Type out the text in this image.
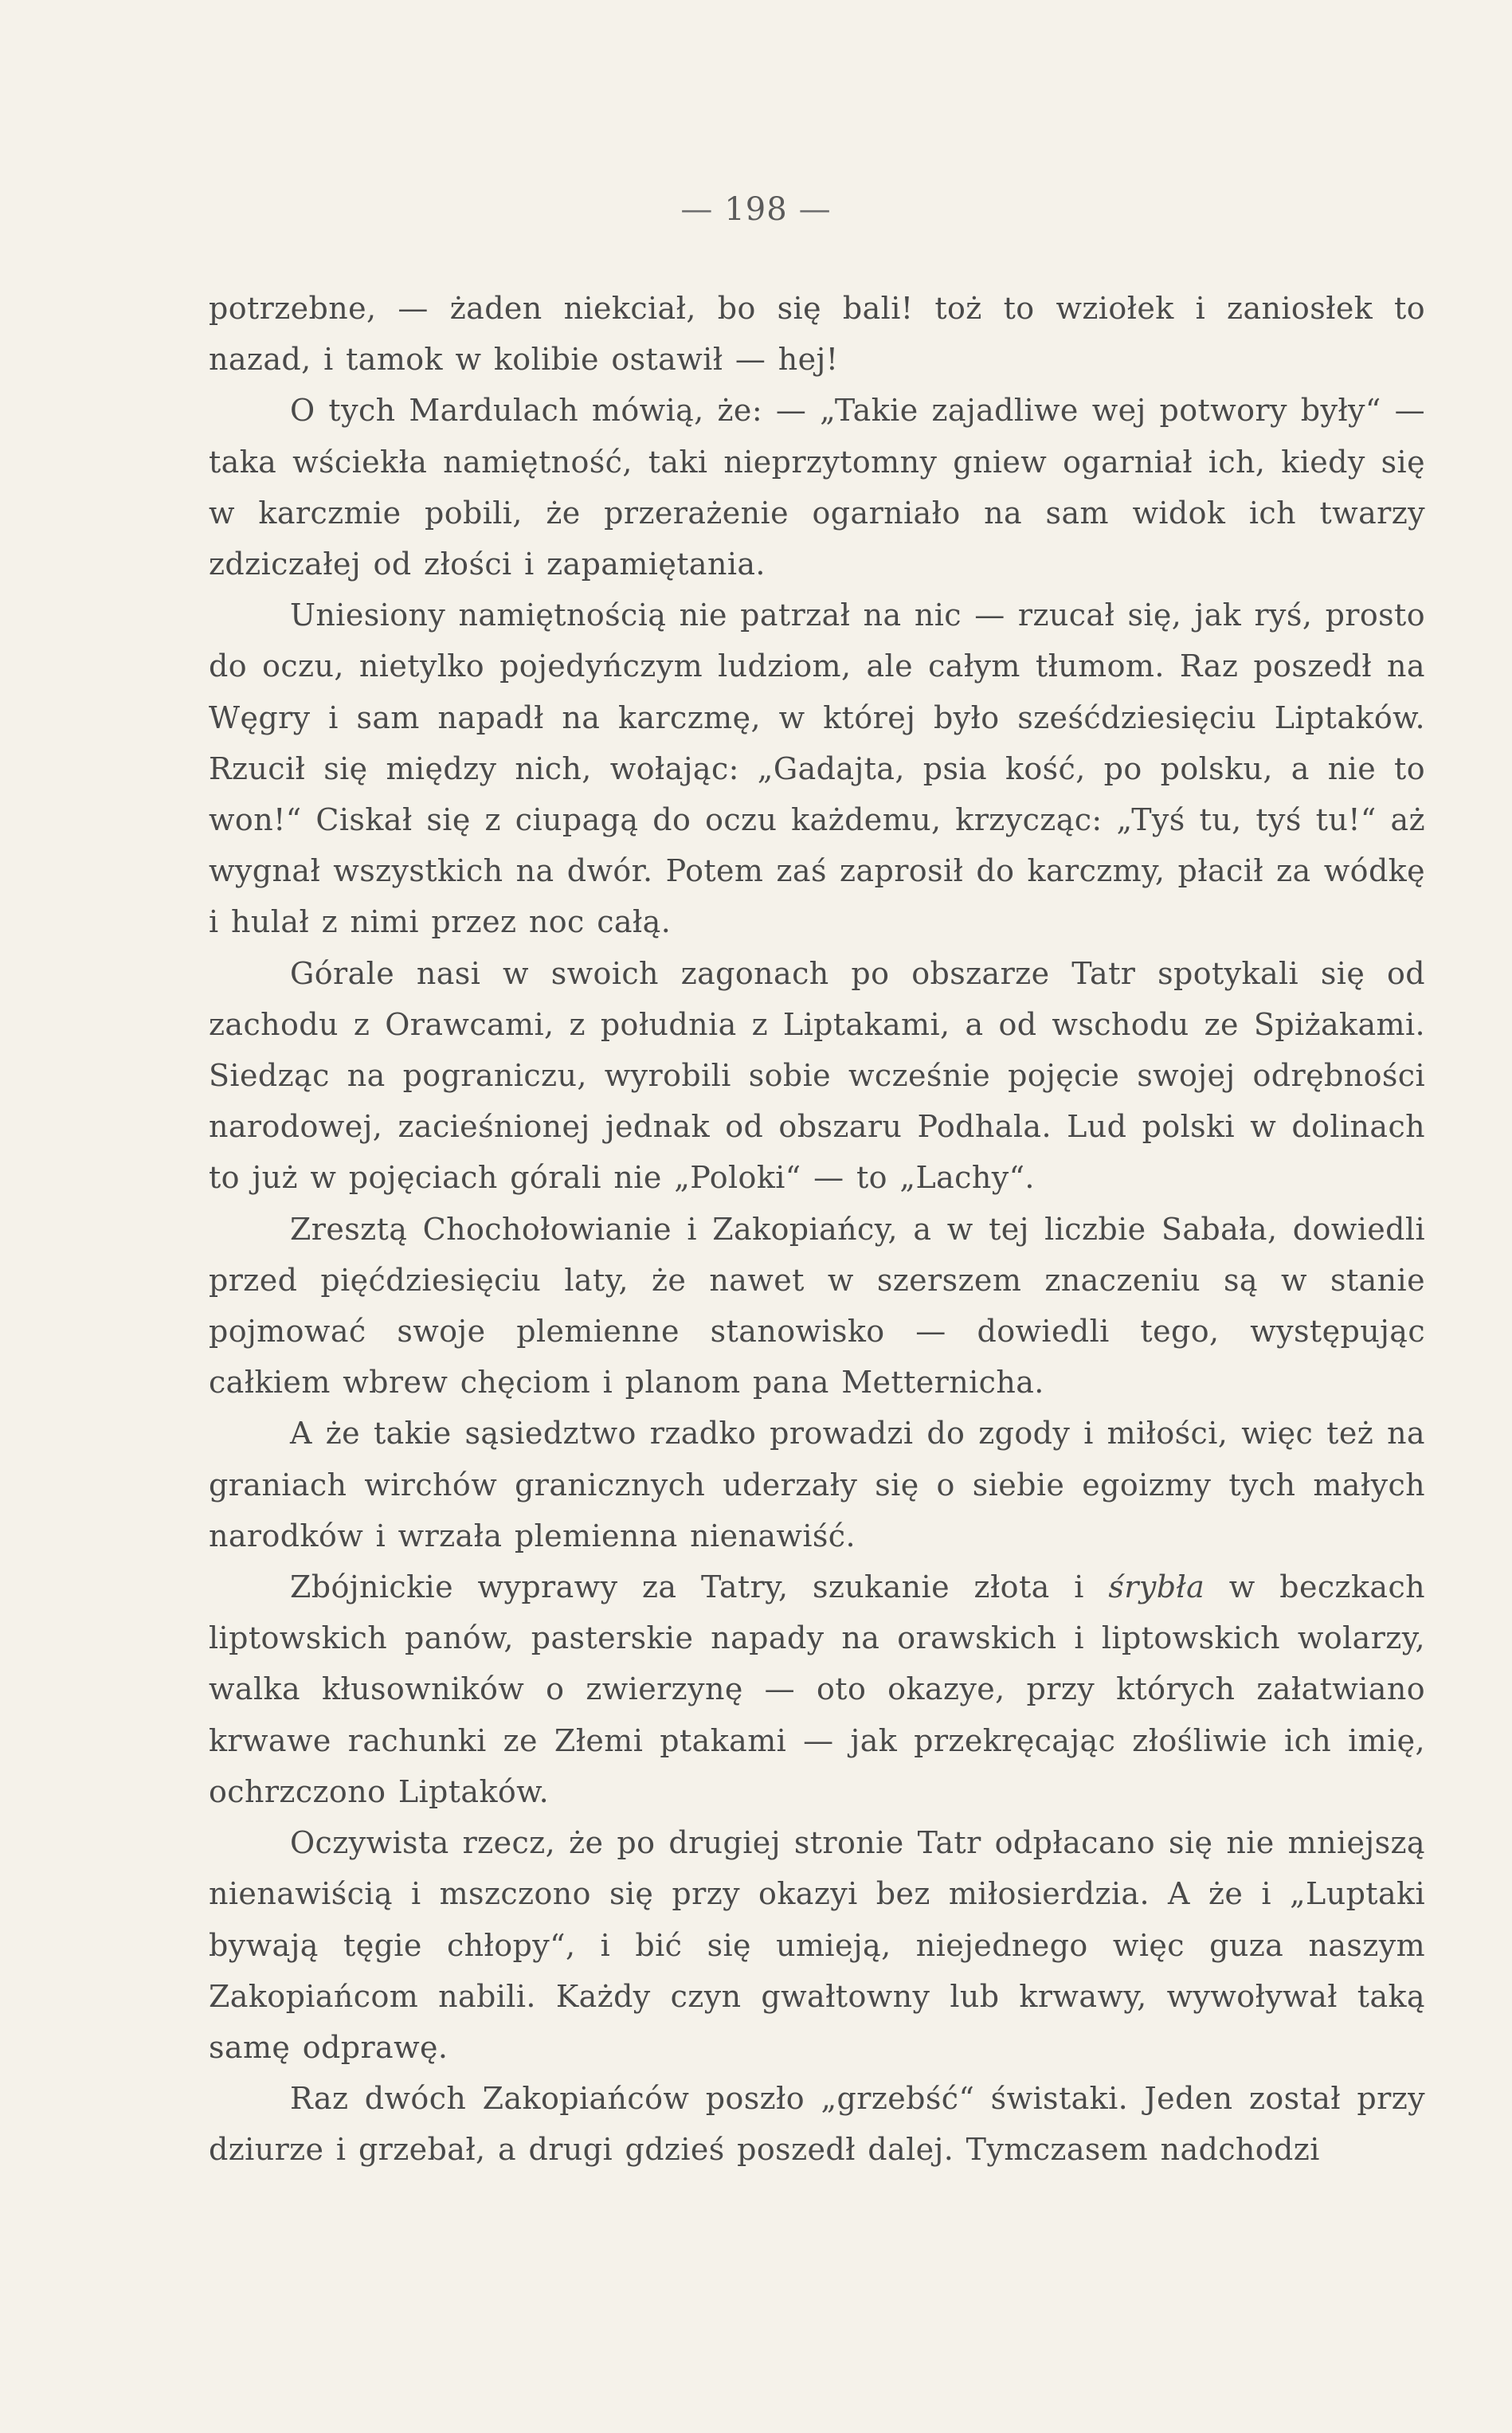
— 198 —

potrzebne, — żaden niekciał, bo się bali! toż to wziołek i zaniosłek to nazad, i tamok w kolibie ostawił — hej!

O tych Mardulach mówią, że: — „Takie zajadliwe wej potwory były“ — taka wściekła namiętność, taki nieprzytomny gniew ogarniał ich, kiedy się w karczmie pobili, że przerażenie ogarniało na sam widok ich twarzy zdziczałej od złości i zapamiętania.

Uniesiony namiętnością nie patrzał na nic — rzucał się, jak ryś, prosto do oczu, nietylko pojedyńczym ludziom, ale całym tłumom. Raz poszedł na Węgry i sam napadł na karczmę, w której było sześćdziesięciu Liptaków. Rzucił się między nich, wołając: „Gadajta, psia kość, po polsku, a nie to won!“ Ciskał się z ciupagą do oczu każdemu, krzycząc: „Tyś tu, tyś tu!“ aż wygnał wszystkich na dwór. Potem zaś zaprosił do karczmy, płacił za wódkę i hulał z nimi przez noc całą.

Górale nasi w swoich zagonach po obszarze Tatr spotykali się od zachodu z Orawcami, z południa z Liptakami, a od wschodu ze Spiżakami. Siedząc na pograniczu, wyrobili sobie wcześnie pojęcie swojej odrębności narodowej, zacieśnionej jednak od obszaru Podhala. Lud polski w dolinach to już w pojęciach górali nie „Poloki“ — to „Lachy“.

Zresztą Chochołowianie i Zakopiańcy, a w tej liczbie Sabała, dowiedli przed pięćdziesięciu laty, że nawet w szerszem znaczeniu są w stanie pojmować swoje plemienne stanowisko — dowiedli tego, występując całkiem wbrew chęciom i planom pana Metternicha.

A że takie sąsiedztwo rzadko prowadzi do zgody i miłości, więc też na graniach wirchów granicznych uderzały się o siebie egoizmy tych małych narodków i wrzała plemienna nienawiść.

Zbójnickie wyprawy za Tatry, szukanie złota i śrybła w beczkach liptowskich panów, pasterskie napady na orawskich i liptowskich wolarzy, walka kłusowników o zwierzynę — oto okazye, przy których załatwiano krwawe rachunki ze Złemi ptakami — jak przekręcając złośliwie ich imię, ochrzczono Liptaków.

Oczywista rzecz, że po drugiej stronie Tatr odpłacano się nie mniejszą nienawiścią i mszczono się przy okazyi bez miłosierdzia. A że i „Luptaki bywają tęgie chłopy“, i bić się umieją, niejednego więc guza naszym Zakopiańcom nabili. Każdy czyn gwałtowny lub krwawy, wywoływał taką samę odprawę.

Raz dwóch Zakopiańców poszło „grzebść“ świstaki. Jeden został przy dziurze i grzebał, a drugi gdzieś poszedł dalej. Tymczasem nadchodzi
